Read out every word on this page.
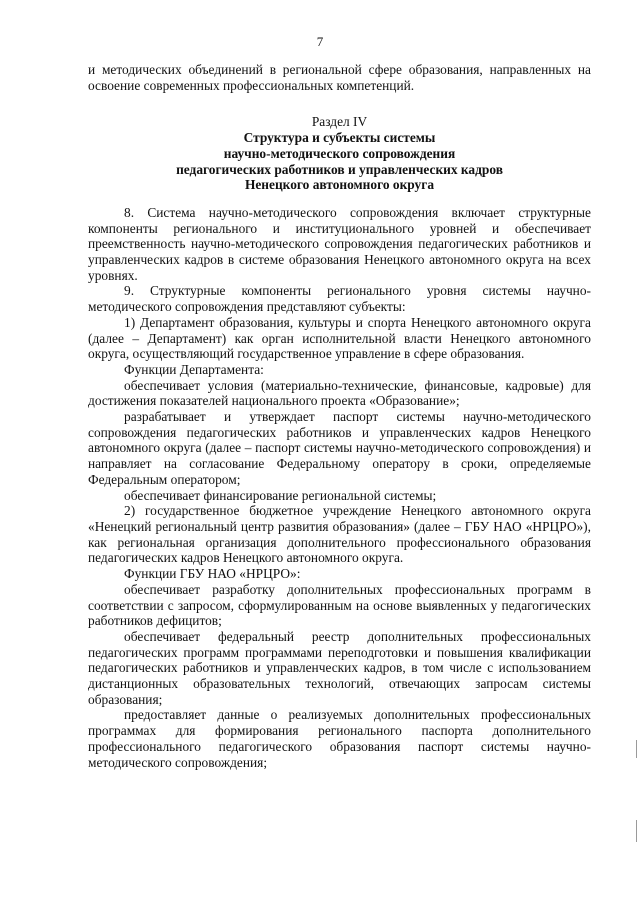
7

и методических объединений в региональной сфере образования, направленных на освоение современных профессиональных компетенций.

Раздел IV
Структура и субъекты системы
научно-методического сопровождения
педагогических работников и управленческих кадров
Ненецкого автономного округа

8. Система научно-методического сопровождения включает структурные компоненты регионального и институционального уровней и обеспечивает преемственность научно-методического сопровождения педагогических работников и управленческих кадров в системе образования Ненецкого автономного округа на всех уровнях.

9. Структурные компоненты регионального уровня системы научно-методического сопровождения представляют субъекты:

1) Департамент образования, культуры и спорта Ненецкого автономного округа (далее – Департамент) как орган исполнительной власти Ненецкого автономного округа, осуществляющий государственное управление в сфере образования.

Функции Департамента:

обеспечивает условия (материально-технические, финансовые, кадровые) для достижения показателей национального проекта «Образование»;

разрабатывает и утверждает паспорт системы научно-методического сопровождения педагогических работников и управленческих кадров Ненецкого автономного округа (далее – паспорт системы научно-методического сопровождения) и направляет на согласование Федеральному оператору в сроки, определяемые Федеральным оператором;

обеспечивает финансирование региональной системы;

2) государственное бюджетное учреждение Ненецкого автономного округа «Ненецкий региональный центр развития образования» (далее – ГБУ НАО «НРЦРО»), как региональная организация дополнительного профессионального образования педагогических кадров Ненецкого автономного округа.

Функции ГБУ НАО «НРЦРО»:

обеспечивает разработку дополнительных профессиональных программ в соответствии с запросом, сформулированным на основе выявленных у педагогических работников дефицитов;

обеспечивает федеральный реестр дополнительных профессиональных педагогических программ программами переподготовки и повышения квалификации педагогических работников и управленческих кадров, в том числе с использованием дистанционных образовательных технологий, отвечающих запросам системы образования;

предоставляет данные о реализуемых дополнительных профессиональных программах для формирования регионального паспорта дополнительного профессионального педагогического образования паспорт системы научно-методического сопровождения;
